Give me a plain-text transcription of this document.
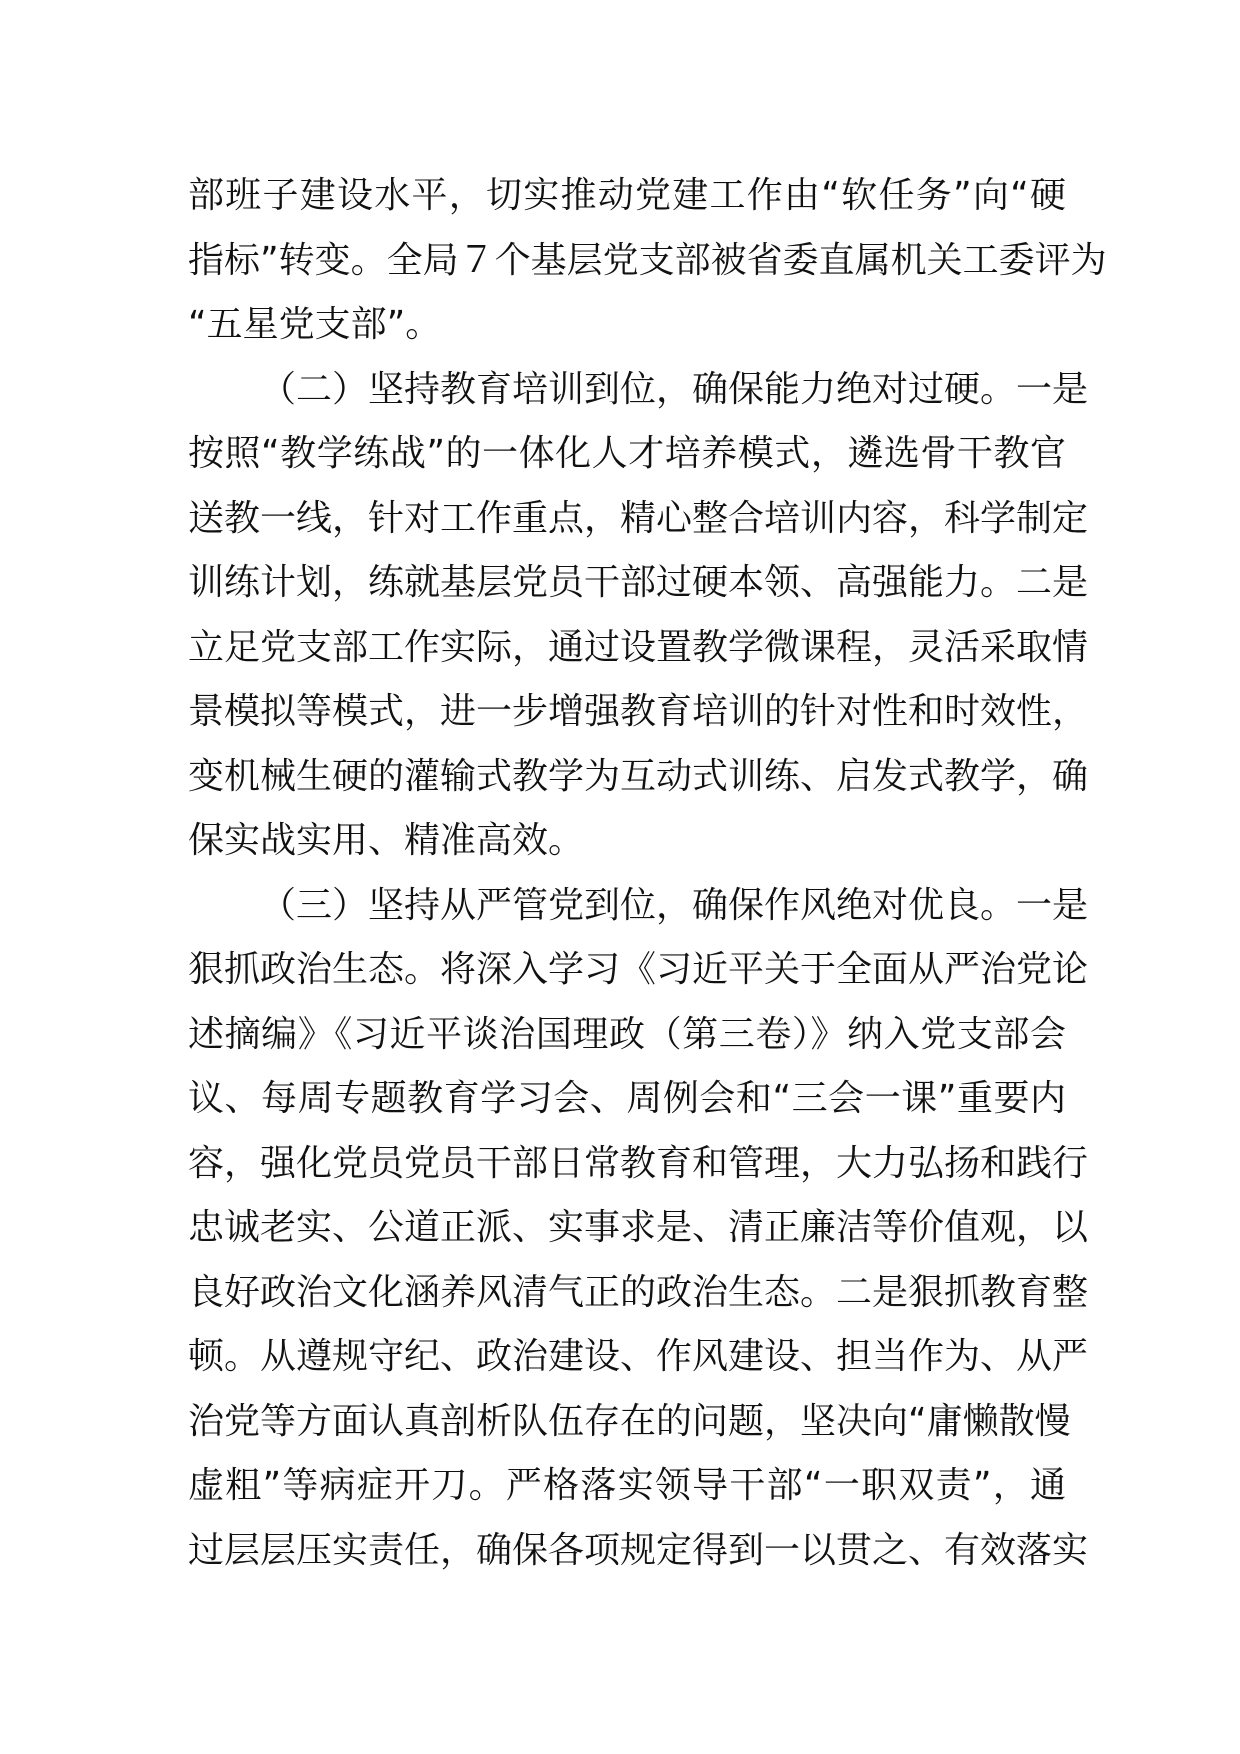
部班子建设水平，切实推动党建工作由“软任务”向“硬
指标”转变。全局７个基层党支部被省委直属机关工委评为
“五星党支部”。
（二）坚持教育培训到位，确保能力绝对过硬。一是
按照“教学练战”的一体化人才培养模式，遴选骨干教官
送教一线，针对工作重点，精心整合培训内容，科学制定
训练计划，练就基层党员干部过硬本领、高强能力。二是
立足党支部工作实际，通过设置教学微课程，灵活采取情
景模拟等模式，进一步增强教育培训的针对性和时效性，
变机械生硬的灌输式教学为互动式训练、启发式教学，确
保实战实用、精准高效。
（三）坚持从严管党到位，确保作风绝对优良。一是
狠抓政治生态。将深入学习《习近平关于全面从严治党论
述摘编》《习近平谈治国理政（第三卷）》纳入党支部会
议、每周专题教育学习会、周例会和“三会一课”重要内
容，强化党员党员干部日常教育和管理，大力弘扬和践行
忠诚老实、公道正派、实事求是、清正廉洁等价值观，以
良好政治文化涵养风清气正的政治生态。二是狠抓教育整
顿。从遵规守纪、政治建设、作风建设、担当作为、从严
治党等方面认真剖析队伍存在的问题，坚决向“庸懒散慢
虚粗”等病症开刀。严格落实领导干部“一职双责”，通
过层层压实责任，确保各项规定得到一以贯之、有效落实
